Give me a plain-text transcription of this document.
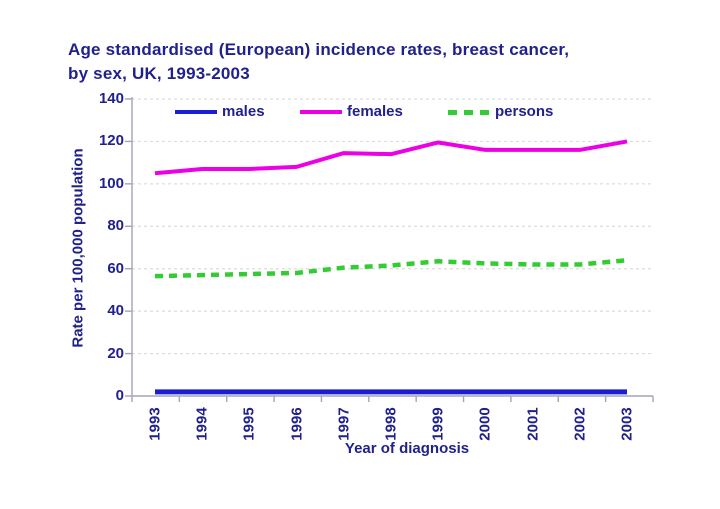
Age standardised (European) incidence rates, breast cancer,
by sex, UK, 1993-2003
males	females	persons
Rate per 100,000 population
Year of diagnosis
0
20
40
60
80
100
120
140
1993 1994 1995 1996 1997 1998 1999 2000 2001 2002 2003
